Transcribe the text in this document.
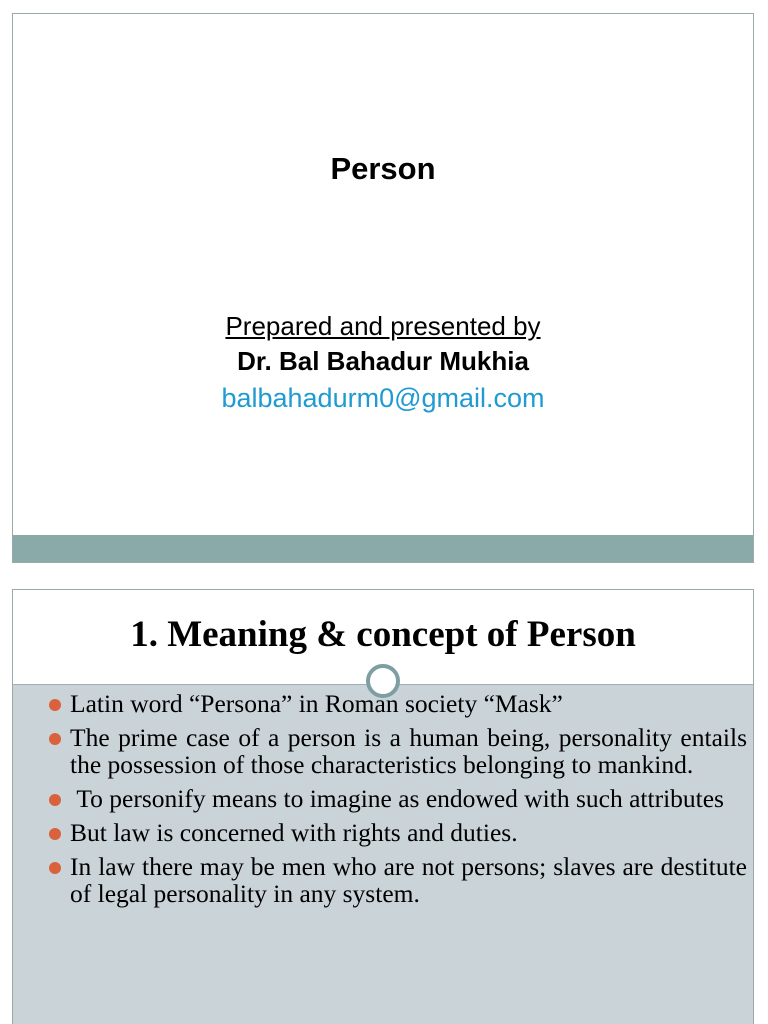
Person
Prepared and presented by
Dr. Bal Bahadur Mukhia
balbahadurm0@gmail.com
1. Meaning & concept of Person
Latin word “Persona” in Roman society “Mask”
The prime case of a person is a human being, personality entails the possession of those characteristics belonging to mankind.
To personify means to imagine as endowed with such attributes
But law is concerned with rights and duties.
In law there may be men who are not persons; slaves are destitute of legal personality in any system.
